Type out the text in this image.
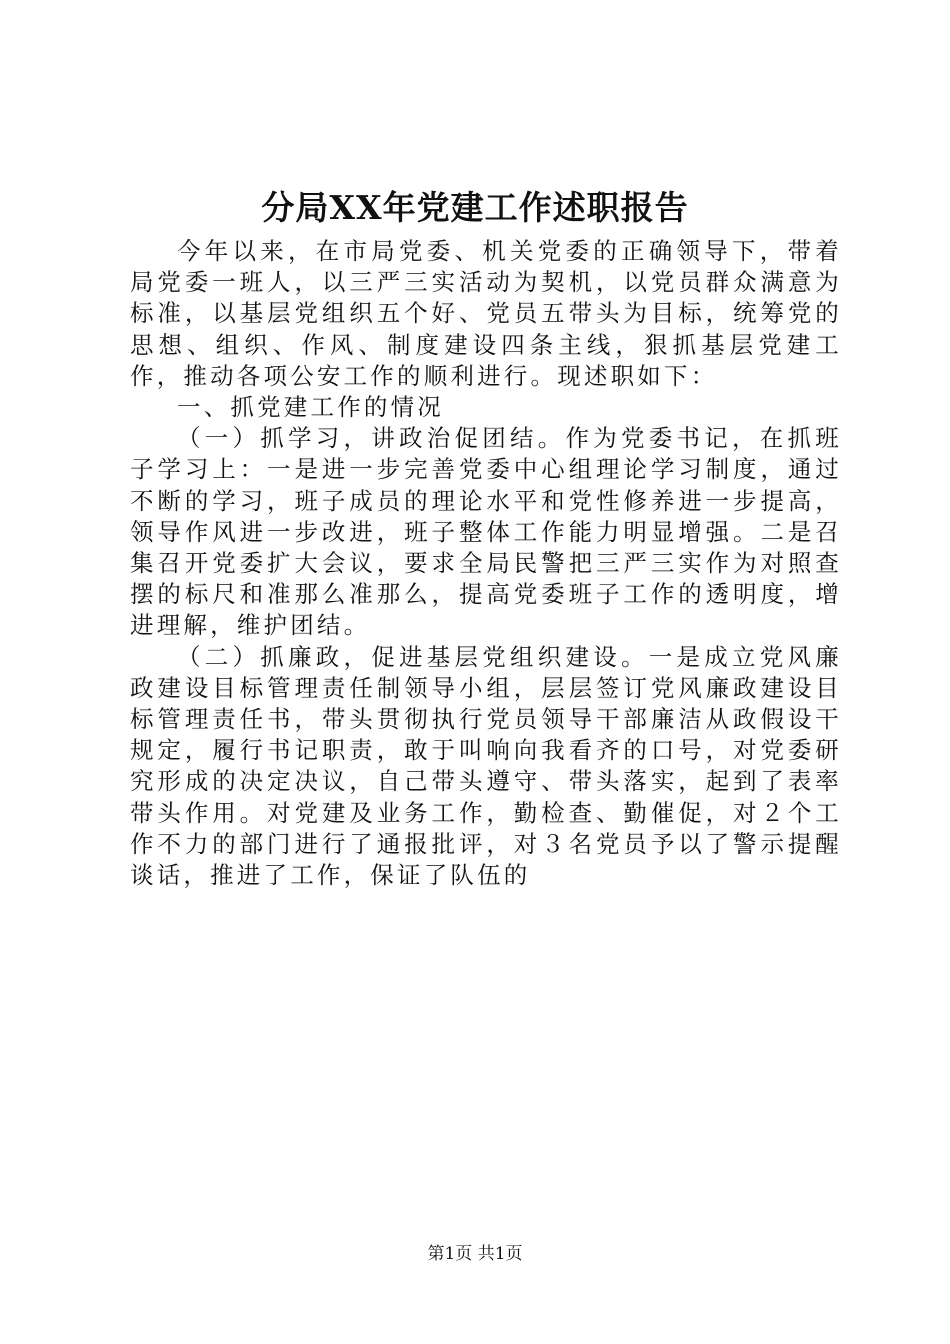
分局XX年党建工作述职报告

今年以来，在市局党委、机关党委的正确领导下，带着局党委一班人，以三严三实活动为契机，以党员群众满意为标准，以基层党组织五个好、党员五带头为目标，统筹党的思想、组织、作风、制度建设四条主线，狠抓基层党建工作，推动各项公安工作的顺利进行。现述职如下：

一、抓党建工作的情况

（一）抓学习，讲政治促团结。作为党委书记，在抓班子学习上：一是进一步完善党委中心组理论学习制度，通过不断的学习，班子成员的理论水平和党性修养进一步提高，领导作风进一步改进，班子整体工作能力明显增强。二是召集召开党委扩大会议，要求全局民警把三严三实作为对照查摆的标尺和准那么准那么，提高党委班子工作的透明度，增进理解，维护团结。

（二）抓廉政，促进基层党组织建设。一是成立党风廉政建设目标管理责任制领导小组，层层签订党风廉政建设目标管理责任书，带头贯彻执行党员领导干部廉洁从政假设干规定，履行书记职责，敢于叫响向我看齐的口号，对党委研究形成的决定决议，自己带头遵守、带头落实，起到了表率带头作用。对党建及业务工作，勤检查、勤催促，对２个工作不力的部门进行了通报批评，对３名党员予以了警示提醒谈话，推进了工作，保证了队伍的

第1页 共1页
